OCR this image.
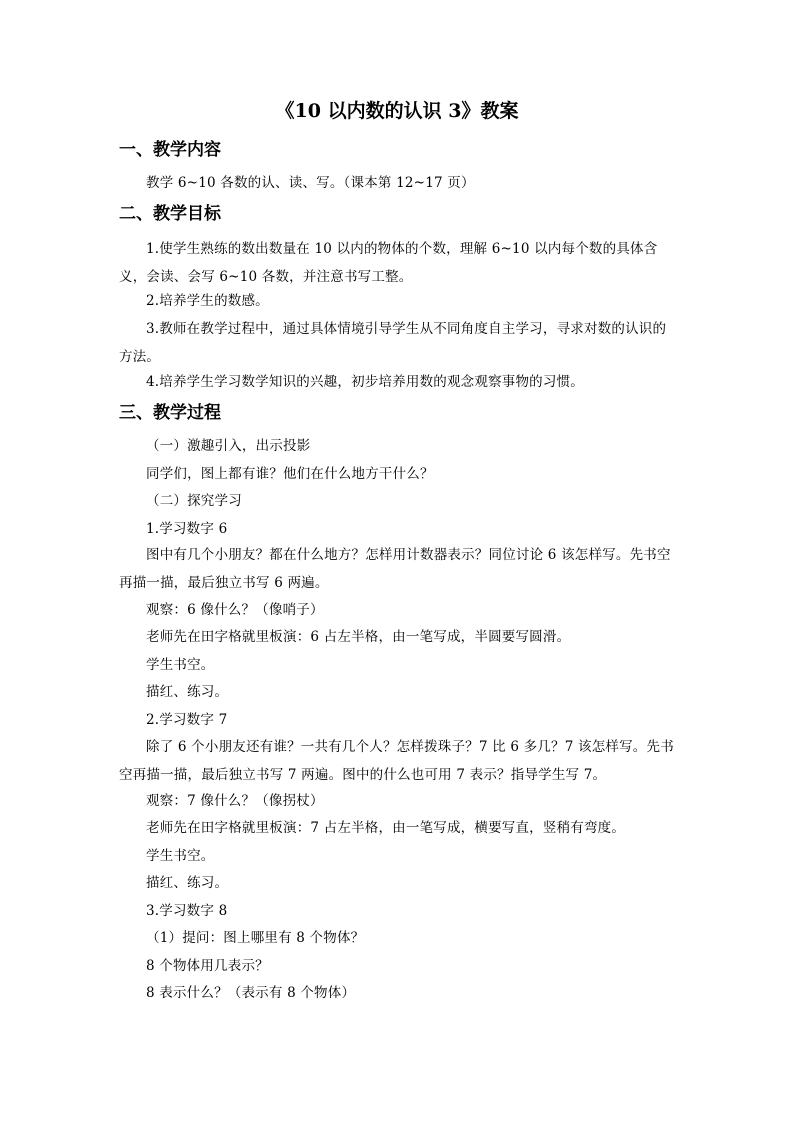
《10 以内数的认识 3》教案
一、教学内容
教学 6~10 各数的认、读、写。（课本第 12~17 页）
二、教学目标
1.使学生熟练的数出数量在 10 以内的物体的个数，理解 6~10 以内每个数的具体含义，会读、会写 6~10 各数，并注意书写工整。
2.培养学生的数感。
3.教师在教学过程中，通过具体情境引导学生从不同角度自主学习，寻求对数的认识的方法。
4.培养学生学习数学知识的兴趣，初步培养用数的观念观察事物的习惯。
三、教学过程
（一）激趣引入，出示投影
同学们，图上都有谁？他们在什么地方干什么？
（二）探究学习
1.学习数字 6
图中有几个小朋友？都在什么地方？怎样用计数器表示？同位讨论 6 该怎样写。先书空再描一描，最后独立书写 6 两遍。
观察：6 像什么？（像哨子）
老师先在田字格就里板演：6 占左半格，由一笔写成，半圆要写圆滑。
学生书空。
描红、练习。
2.学习数字 7
除了 6 个小朋友还有谁？一共有几个人？怎样拨珠子？7 比 6 多几？7 该怎样写。先书空再描一描，最后独立书写 7 两遍。图中的什么也可用 7 表示？指导学生写 7。
观察：7 像什么？（像拐杖）
老师先在田字格就里板演：7 占左半格，由一笔写成，横要写直，竖稍有弯度。
学生书空。
描红、练习。
3.学习数字 8
（1）提问：图上哪里有 8 个物体？
8 个物体用几表示？
8 表示什么？（表示有 8 个物体）
